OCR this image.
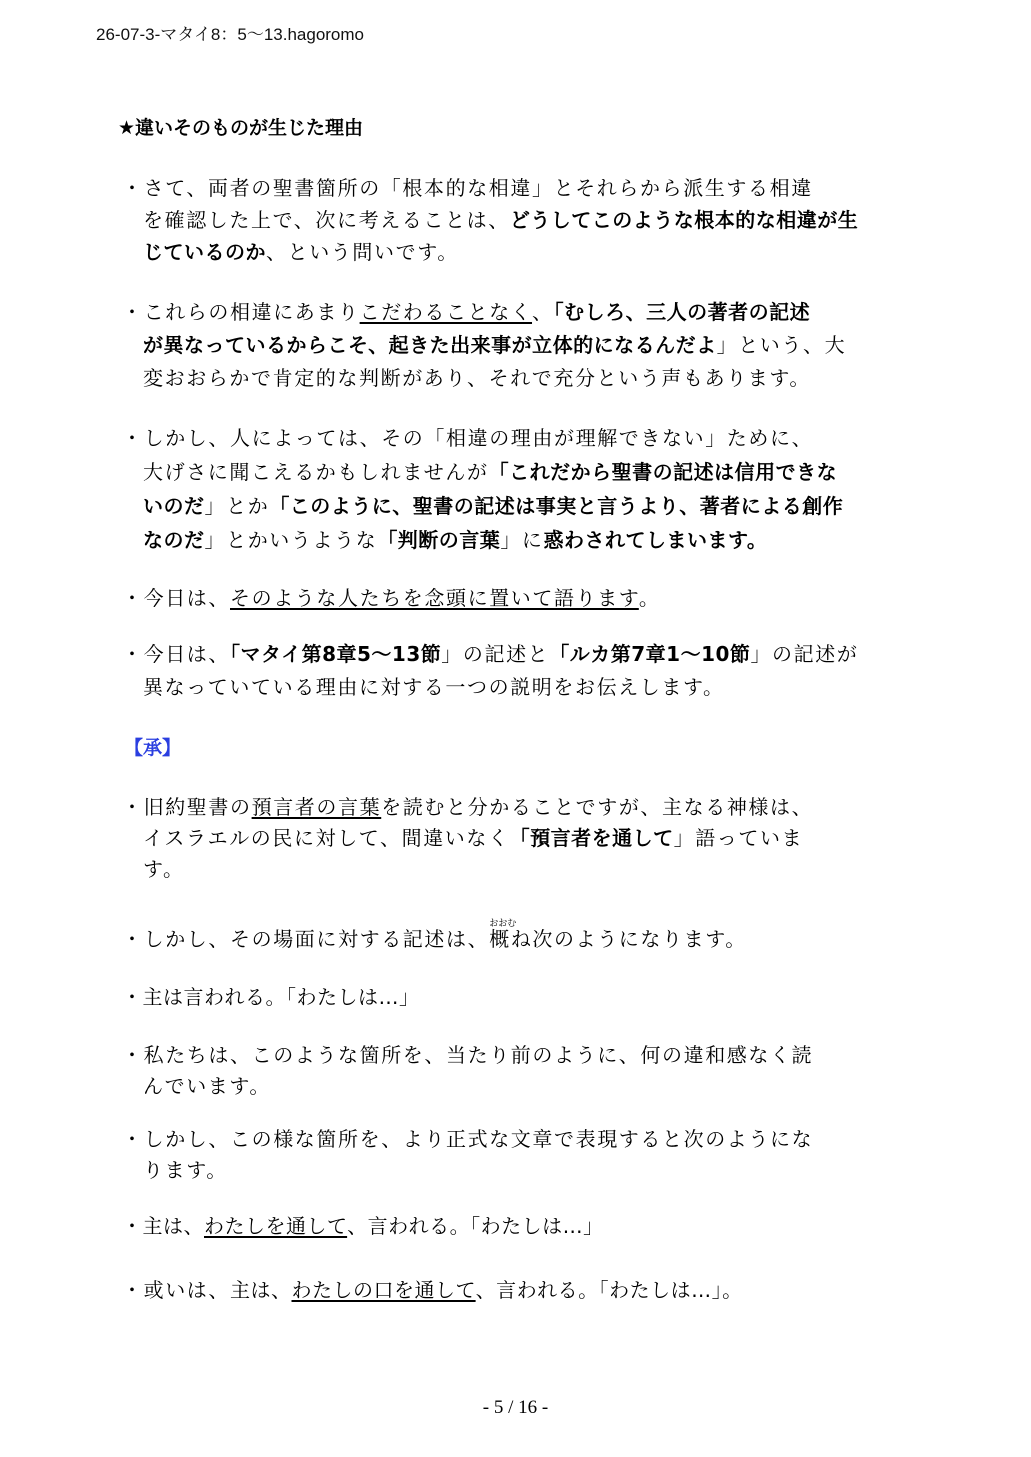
26-07-3-マタイ8：5～13.hagoromo
★違いそのものが生じた理由
・さて、両者の聖書箇所の「根本的な相違」とそれらから派生する相違
を確認した上で、次に考えることは、どうしてこのような根本的な相違が生
じているのか、という問いです。
・これらの相違にあまりこだわることなく、「むしろ、三人の著者の記述
が異なっているからこそ、起きた出来事が立体的になるんだよ」という、大
変おおらかで肯定的な判断があり、それで充分という声もあります。
・しかし、人によっては、その「相違の理由が理解できない」ために、
大げさに聞こえるかもしれませんが「これだから聖書の記述は信用できな
いのだ」とか「このように、聖書の記述は事実と言うより、著者による創作
なのだ」とかいうような「判断の言葉」に惑わされてしまいます。
・今日は、そのような人たちを念頭に置いて語ります。
・今日は、「マタイ第8章5～13節」の記述と「ルカ第7章1～10節」の記述が
異なっていている理由に対する一つの説明をお伝えします。
【承】
・旧約聖書の預言者の言葉を読むと分かることですが、主なる神様は、
イスラエルの民に対して、間違いなく「預言者を通して」語っていま
す。
・しかし、その場面に対する記述は、
おおむ
概ね次のようになります。
・主は言われる。「わたしは…」
・私たちは、このような箇所を、当たり前のように、何の違和感なく読
んでいます。
・しかし、この様な箇所を、より正式な文章で表現すると次のようにな
ります。
・主は、わたしを通して、言われる。「わたしは…」
・或いは、主は、わたしの口を通して、言われる。「わたしは…」。
- 5 / 16 -
